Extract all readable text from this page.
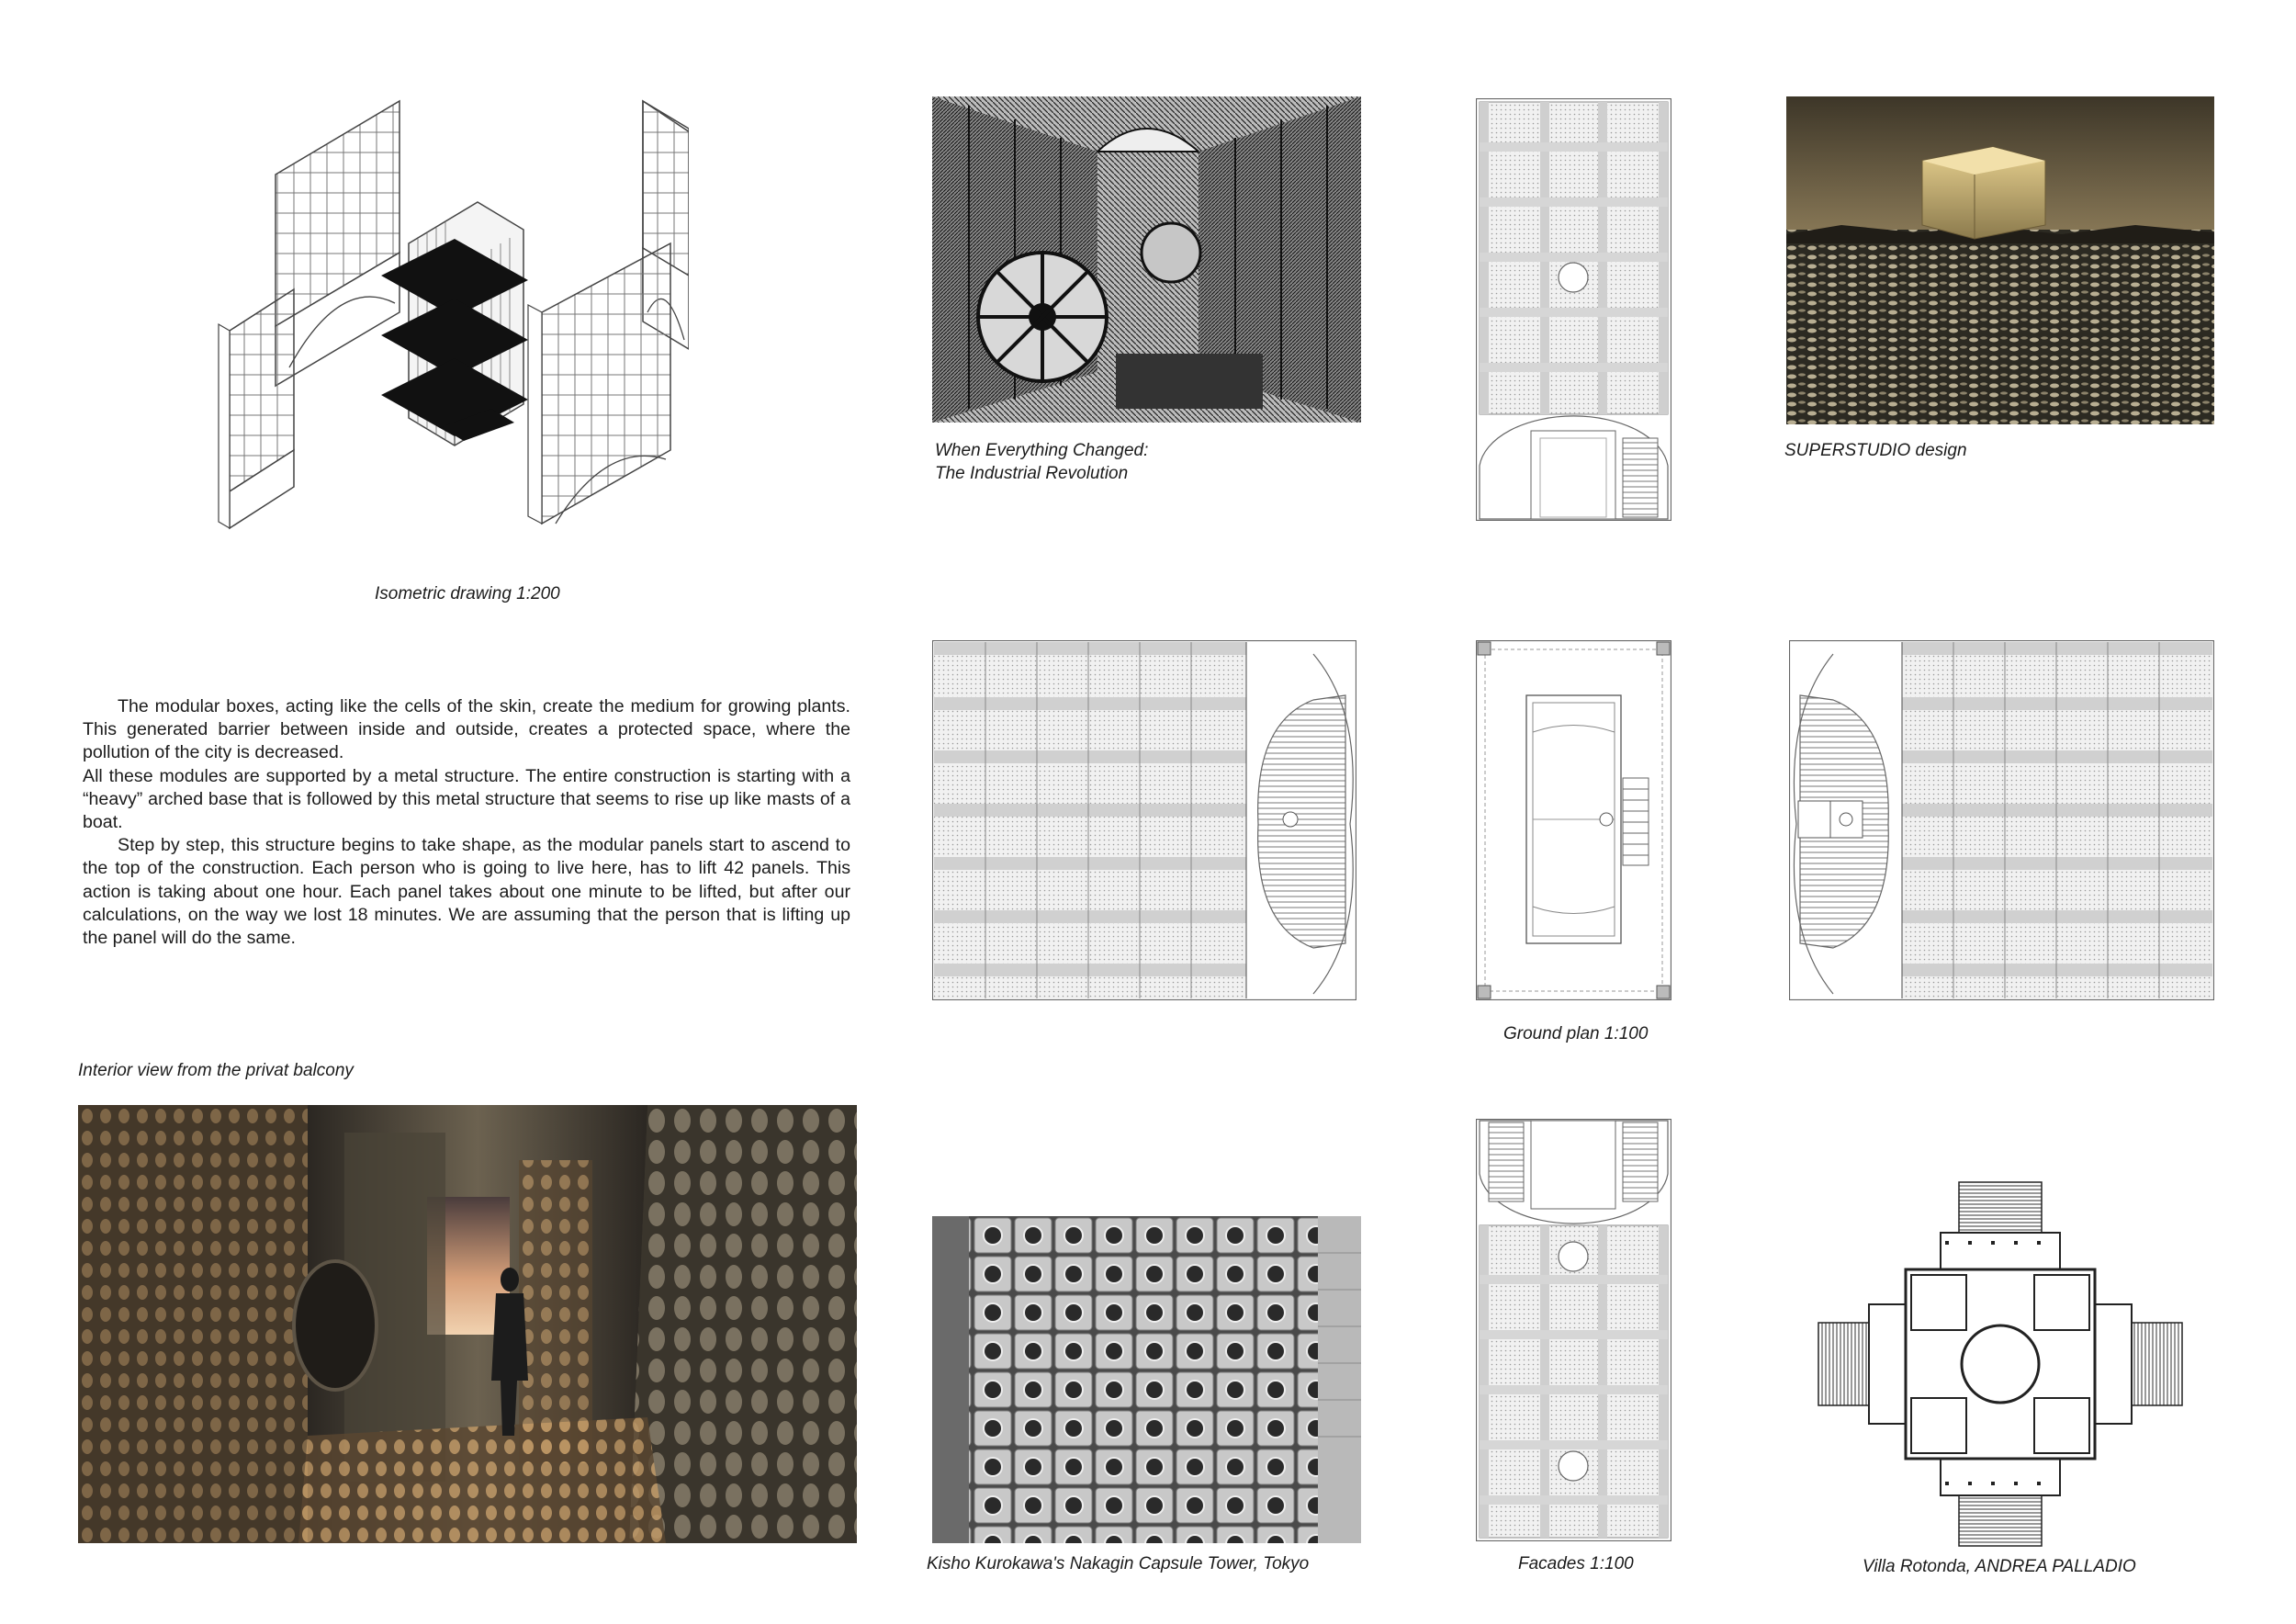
Isometric drawing 1:200

The modular boxes, acting like the cells of the skin, create the medium for growing plants. This generated barrier between inside and outside, creates a protected space, where the pollution of the city is decreased.

All these modules are supported by a metal structure. The entire construction is starting with a “heavy” arched base that is followed by this metal structure that seems to rise up like masts of a boat.

Step by step, this structure begins to take shape, as the modular panels start to ascend to the top of the construction. Each person who is going to live here, has to lift 42 panels. This action is taking about one hour. Each panel takes about one minute to be lifted, but after our calculations, on the way we lost 18 minutes. We are assuming that the person that is lifting up the panel will do the same.

Interior view from the privat balcony
When Everything Changed:
The Industrial Revolution
SUPERSTUDIO design
Ground plan 1:100
Kisho Kurokawa's Nakagin Capsule Tower, Tokyo	Facades 1:100	Villa Rotonda, ANDREA PALLADIO
